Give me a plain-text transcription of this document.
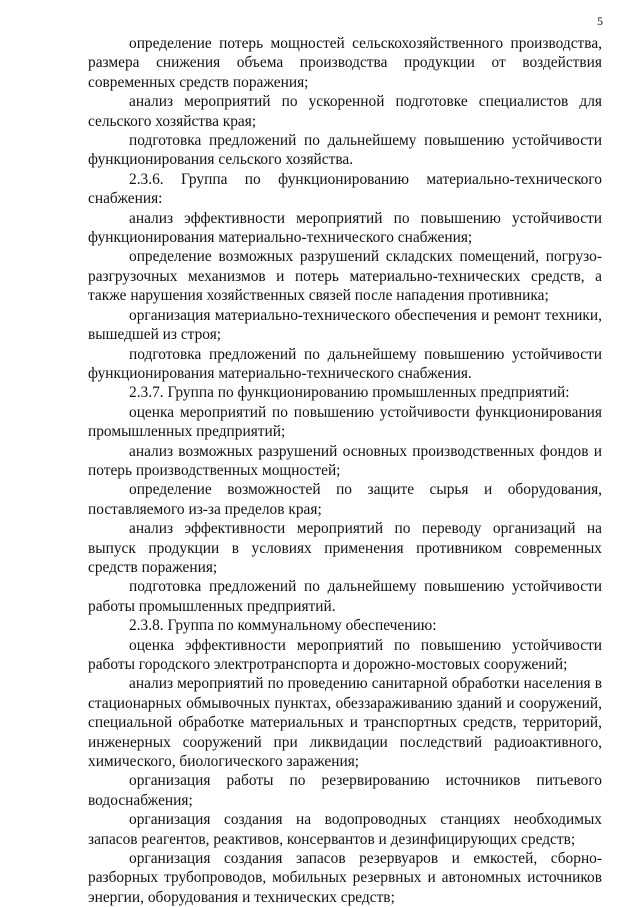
5

определение потерь мощностей сельскохозяйственного производства, размера снижения объема производства продукции от воздействия современных средств поражения;

анализ мероприятий по ускоренной подготовке специалистов для сельского хозяйства края;

подготовка предложений по дальнейшему повышению устойчивости функционирования сельского хозяйства.

2.3.6. Группа по функционированию материально-технического снабжения:

анализ эффективности мероприятий по повышению устойчивости функционирования материально-технического снабжения;

определение возможных разрушений складских помещений, погрузо-разгрузочных механизмов и потерь материально-технических средств, а также нарушения хозяйственных связей после нападения противника;

организация материально-технического обеспечения и ремонт техники, вышедшей из строя;

подготовка предложений по дальнейшему повышению устойчивости функционирования материально-технического снабжения.

2.3.7. Группа по функционированию промышленных предприятий:

оценка мероприятий по повышению устойчивости функционирования промышленных предприятий;

анализ возможных разрушений основных производственных фондов и потерь производственных мощностей;

определение возможностей по защите сырья и оборудования, поставляемого из-за пределов края;

анализ эффективности мероприятий по переводу организаций на выпуск продукции в условиях применения противником современных средств поражения;

подготовка предложений по дальнейшему повышению устойчивости работы промышленных предприятий.

2.3.8. Группа по коммунальному обеспечению:

оценка эффективности мероприятий по повышению устойчивости работы городского электротранспорта и дорожно-мостовых сооружений;

анализ мероприятий по проведению санитарной обработки населения в стационарных обмывочных пунктах, обеззараживанию зданий и сооружений, специальной обработке материальных и транспортных средств, территорий, инженерных сооружений при ликвидации последствий радиоактивного, химического, биологического заражения;

организация работы по резервированию источников питьевого водоснабжения;

организация создания на водопроводных станциях необходимых запасов реагентов, реактивов, консервантов и дезинфицирующих средств;

организация создания запасов резервуаров и емкостей, сборно-разборных трубопроводов, мобильных резервных и автономных источников энергии, оборудования и технических средств;
